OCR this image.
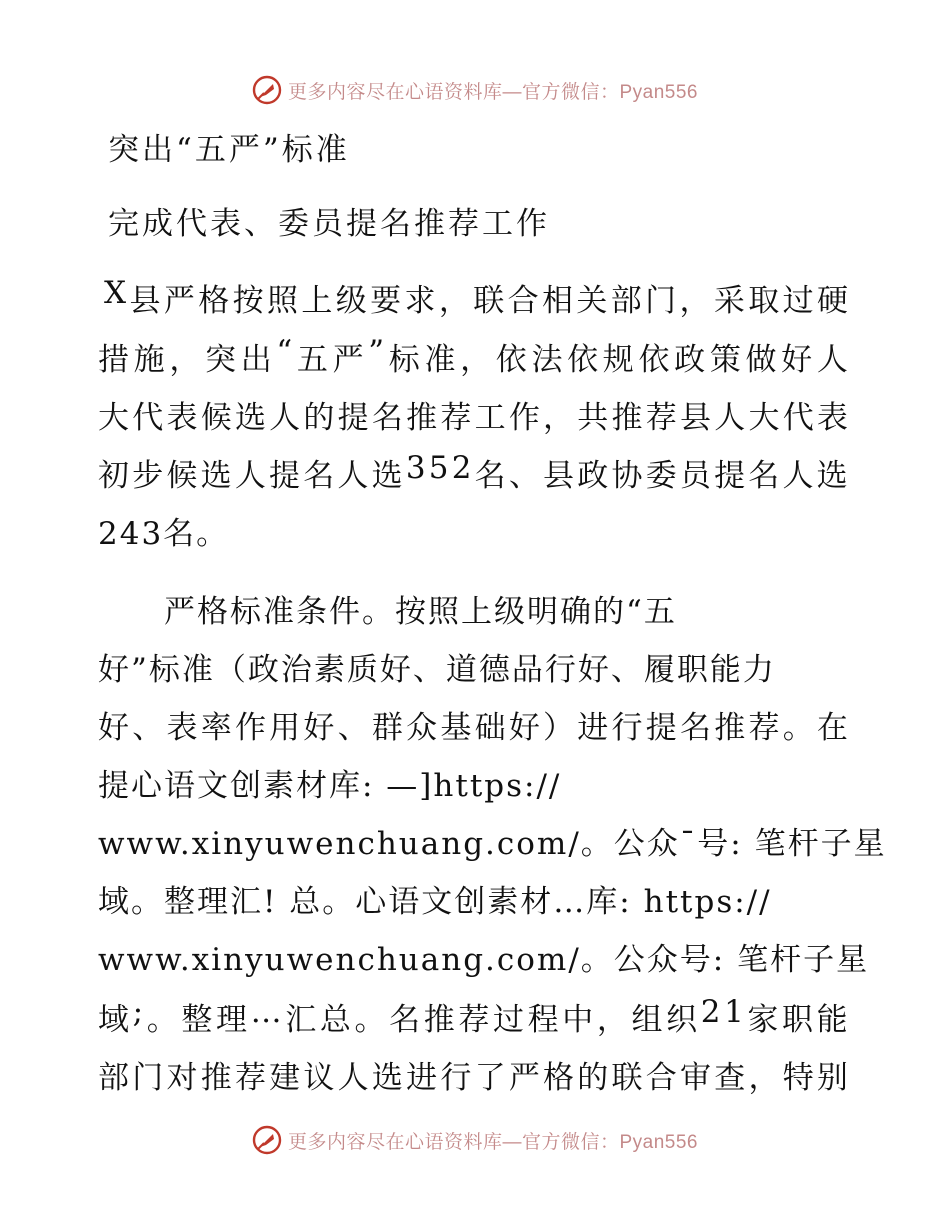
更多内容尽在心语资料库—官方微信：Pyan556
突出“五严”标准
完成代表、委员提名推荐工作

X 县 严 格 按 照 上 级 要 求 ， 联 合 相 关 部 门 ， 采 取 过 硬

措 施 ， 突 出 “ 五 严 ” 标 准 ， 依 法 依 规 依 政 策 做 好 人

大 代 表 候 选 人 的 提 名 推 荐 工 作 ， 共 推 荐 县 人 大 代 表

初 步 候 选 人 提 名 人 选 3 5 2 名 、 县 政 协 委 员 提 名 人 选

243名。

　　严格标准条件。按照上级明确的“五

好”标准（政治素质好、道德品行好、履职能力

好 、 表 率 作 用 好 、 群 众 基 础 好 ） 进 行 提 名 推 荐 。 在

提心语文创素材库: —]https://

www.xinyuwenchuang.com/。公众¯号: 笔杆子星

域。整理汇! 总。心语文创素材…库: https://

www.xinyuwenchuang.com/。公众号: 笔杆子星

域 ; 。 整 理 … 汇 总 。 名 推 荐 过 程 中 ， 组 织 2 1 家 职 能

部 门 对 推 荐 建 议 人 选 进 行 了 严 格 的 联 合 审 查 ， 特 别

更多内容尽在心语资料库—官方微信：Pyan556
